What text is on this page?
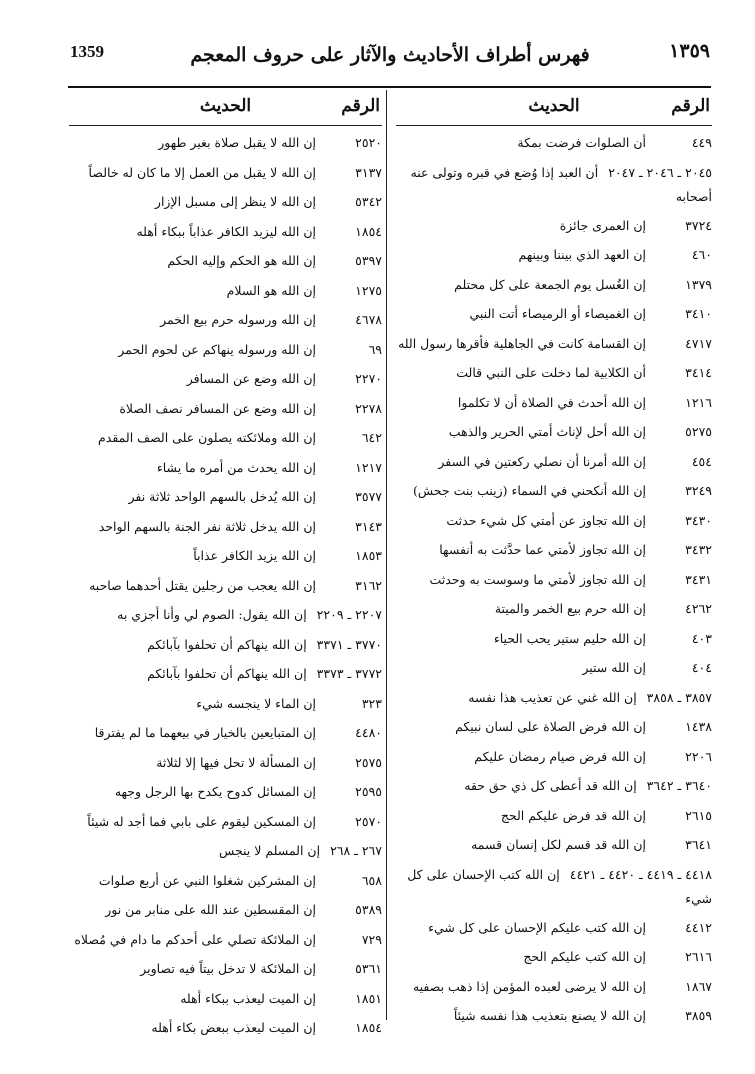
1359	فهرس أطراف الأحاديث والآثار على حروف المعجم	١٣٥٩
الرقم
الحديث
٤٤٩أن الصلوات فرضت بمكة
٢٠٤٥ ـ ٢٠٤٦ ـ ٢٠٤٧ أن العبد إذا وُضع في قبره وتولى عنه أصحابه
٣٧٢٤إن العمرى جائزة
٤٦٠إن العهد الذي بيننا وبينهم
١٣٧٩إن الغُسل يوم الجمعة على كل محتلم
٣٤١٠إن الغميصاء أو الرميصاء أتت النبي
٤٧١٧إن القسامة كانت في الجاهلية فأقرها رسول الله
٣٤١٤أن الكلابية لما دخلت على النبي قالت
١٢١٦إن الله أحدث في الصلاة أن لا تكلموا
٥٢٧٥إن الله أحل لإناث أمتي الحرير والذهب
٤٥٤إن الله أمرنا أن نصلي ركعتين في السفر
٣٢٤٩إن الله أنكحني في السماء (زينب بنت جحش)
٣٤٣٠إن الله تجاوز عن أمتي كل شيء حدثت
٣٤٣٢إن الله تجاوز لأمتي عما حدَّثت به أنفسها
٣٤٣١إن الله تجاوز لأمتي ما وسوست به وحدثت
٤٢٦٢إن الله حرم بيع الخمر والميتة
٤٠٣إن الله حليم ستير يحب الحياء
٤٠٤إن الله ستير
٣٨٥٧ ـ ٣٨٥٨ إن الله غني عن تعذيب هذا نفسه
١٤٣٨إن الله فرض الصلاة على لسان نبيكم
٢٢٠٦إن الله فرض صيام رمضان عليكم
٣٦٤٠ ـ ٣٦٤٢ إن الله قد أعطى كل ذي حق حقه
٢٦١٥إن الله قد فرض عليكم الحج
٣٦٤١إن الله قد قسم لكل إنسان قسمه
٤٤١٨ ـ ٤٤١٩ ـ ٤٤٢٠ ـ ٤٤٢١ إن الله كتب الإحسان على كل شيء
٤٤١٢إن الله كتب عليكم الإحسان على كل شيء
٢٦١٦إن الله كتب عليكم الحج
١٨٦٧إن الله لا يرضى لعبده المؤمن إذا ذهب بصفيه
٣٨٥٩إن الله لا يصنع بتعذيب هذا نفسه شيئاً
الرقم
الحديث
٢٥٢٠إن الله لا يقبل صلاة بغير طهور
٣١٣٧إن الله لا يقبل من العمل إلا ما كان له خالصاً
٥٣٤٢إن الله لا ينظر إلى مسبل الإزار
١٨٥٤إن الله ليزيد الكافر عذاباً ببكاء أهله
٥٣٩٧إن الله هو الحكم وإليه الحكم
١٢٧٥إن الله هو السلام
٤٦٧٨إن الله ورسوله حرم بيع الخمر
٦٩إن الله ورسوله ينهاكم عن لحوم الحمر
٢٢٧٠إن الله وضع عن المسافر
٢٢٧٨إن الله وضع عن المسافر نصف الصلاة
٦٤٢إن الله وملائكته يصلون على الصف المقدم
١٢١٧إن الله يحدث من أمره ما يشاء
٣٥٧٧إن الله يُدخل بالسهم الواحد ثلاثة نفر
٣١٤٣إن الله يدخل ثلاثة نفر الجنة بالسهم الواحد
١٨٥٣إن الله يزيد الكافر عذاباً
٣١٦٢إن الله يعجب من رجلين يقتل أحدهما صاحبه
٢٢٠٧ ـ ٢٢٠٩ إن الله يقول: الصوم لي وأنا أجزي به
٣٧٧٠ ـ ٣٣٧١ إن الله ينهاكم أن تحلفوا بآبائكم
٣٧٧٢ ـ ٣٣٧٣ إن الله ينهاكم أن تحلفوا بآبائكم
٣٢٣إن الماء لا ينجسه شيء
٤٤٨٠إن المتبايعين بالخيار في بيعهما ما لم يفترقا
٢٥٧٥إن المسألة لا تحل فيها إلا لثلاثة
٢٥٩٥إن المسائل كدوح يكدح بها الرجل وجهه
٢٥٧٠إن المسكين ليقوم على بابي فما أجد له شيئاً
٢٦٧ ـ ٢٦٨ إن المسلم لا ينجس
٦٥٨إن المشركين شغلوا النبي عن أربع صلوات
٥٣٨٩إن المقسطين عند الله على منابر من نور
٧٢٩إن الملائكة تصلي على أحدكم ما دام في مُصلاه
٥٣٦١إن الملائكة لا تدخل بيتاً فيه تصاوير
١٨٥١إن الميت ليعذب ببكاء أهله
١٨٥٤إن الميت ليعذب ببعض بكاء أهله
